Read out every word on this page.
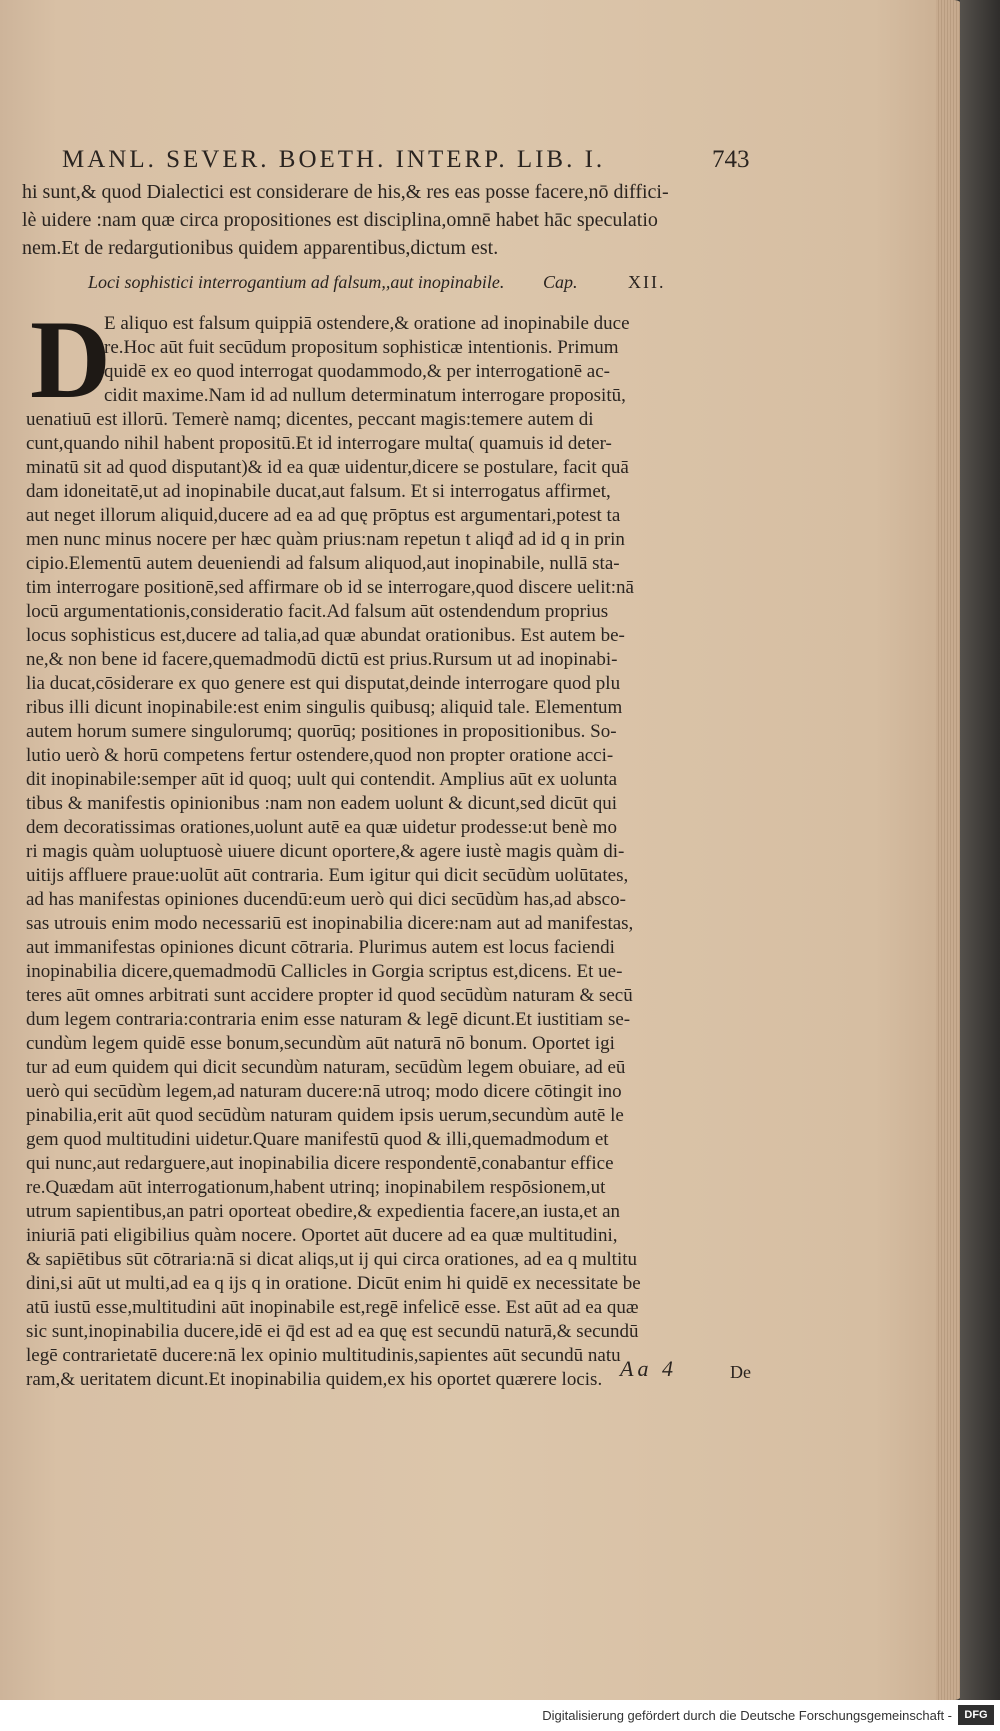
MANL. SEVER. BOETH. INTERP. LIB. I.	743
hi sunt,& quod Dialectici est considerare de his,& res eas posse facere,nō diffici-
lè uidere :nam quæ circa propositiones est disciplina,omnē habet hāc speculatio
nem.Et de redargutionibus quidem apparentibus,dictum est.
Loci sophistici interrogantium ad falsum,,aut inopinabile. Cap.	XII.
D
E aliquo est falsum quippiā ostendere,& oratione ad inopinabile duce
re.Hoc aūt fuit secūdum propositum sophisticæ intentionis. Primum
quidē ex eo quod interrogat quodammodo,& per interrogationē ac-
cidit maxime.Nam id ad nullum determinatum interrogare propositū,
uenatiuū est illorū. Temerè namq; dicentes, peccant magis:temere autem di
cunt,quando nihil habent propositū.Et id interrogare multa( quamuis id deter-
minatū sit ad quod disputant)& id ea quæ uidentur,dicere se postulare, facit quā
dam idoneitatē,ut ad inopinabile ducat,aut falsum. Et si interrogatus affirmet,
aut neget illorum aliquid,ducere ad ea ad quę prōptus est argumentari,potest ta
men nunc minus nocere per hæc quàm prius:nam repetun t aliqđ ad id q in prin
cipio.Elementū autem deueniendi ad falsum aliquod,aut inopinabile, nullā sta-
tim interrogare positionē,sed affirmare ob id se interrogare,quod discere uelit:nā
locū argumentationis,consideratio facit.Ad falsum aūt ostendendum proprius
locus sophisticus est,ducere ad talia,ad quæ abundat orationibus. Est autem be-
ne,& non bene id facere,quemadmodū dictū est prius.Rursum ut ad inopinabi-
lia ducat,cōsiderare ex quo genere est qui disputat,deinde interrogare quod plu
ribus illi dicunt inopinabile:est enim singulis quibusq; aliquid tale. Elementum
autem horum sumere singulorumq; quorūq; positiones in propositionibus. So-
lutio uerò & horū competens fertur ostendere,quod non propter oratione acci-
dit inopinabile:semper aūt id quoq; uult qui contendit. Amplius aūt ex uolunta
tibus & manifestis opinionibus :nam non eadem uolunt & dicunt,sed dicūt qui
dem decoratissimas orationes,uolunt autē ea quæ uidetur prodesse:ut benè mo
ri magis quàm uoluptuosè uiuere dicunt oportere,& agere iustè magis quàm di-
uitijs affluere praue:uolūt aūt contraria. Eum igitur qui dicit secūdùm uolūtates,
ad has manifestas opiniones ducendū:eum uerò qui dici secūdùm has,ad absco-
sas utrouis enim modo necessariū est inopinabilia dicere:nam aut ad manifestas,
aut immanifestas opiniones dicunt cōtraria. Plurimus autem est locus faciendi
inopinabilia dicere,quemadmodū Callicles in Gorgia scriptus est,dicens. Et ue-
teres aūt omnes arbitrati sunt accidere propter id quod secūdùm naturam & secū
dum legem contraria:contraria enim esse naturam & legē dicunt.Et iustitiam se-
cundùm legem quidē esse bonum,secundùm aūt naturā nō bonum. Oportet igi
tur ad eum quidem qui dicit secundùm naturam, secūdùm legem obuiare, ad eū
uerò qui secūdùm legem,ad naturam ducere:nā utroq; modo dicere cōtingit ino
pinabilia,erit aūt quod secūdùm naturam quidem ipsis uerum,secundùm autē le
gem quod multitudini uidetur.Quare manifestū quod & illi,quemadmodum et
qui nunc,aut redarguere,aut inopinabilia dicere respondentē,conabantur effice
re.Quædam aūt interrogationum,habent utrinq; inopinabilem respōsionem,ut
utrum sapientibus,an patri oporteat obedire,& expedientia facere,an iusta,et an
iniuriā pati eligibilius quàm nocere. Oportet aūt ducere ad ea quæ multitudini,
& sapiētibus sūt cōtraria:nā si dicat aliqs,ut ij qui circa orationes, ad ea q multitu
dini,si aūt ut multi,ad ea q ijs q in oratione. Dicūt enim hi quidē ex necessitate be
atū iustū esse,multitudini aūt inopinabile est,regē infelicē esse. Est aūt ad ea quæ
sic sunt,inopinabilia ducere,idē ei q̄d est ad ea quę est secundū naturā,& secundū
legē contrarietatē ducere:nā lex opinio multitudinis,sapientes aūt secundū natu
ram,& ueritatem dicunt.Et inopinabilia quidem,ex his oportet quærere locis. Aa 4	De
Digitalisierung gefördert durch die Deutsche Forschungsgemeinschaft -	DFG
